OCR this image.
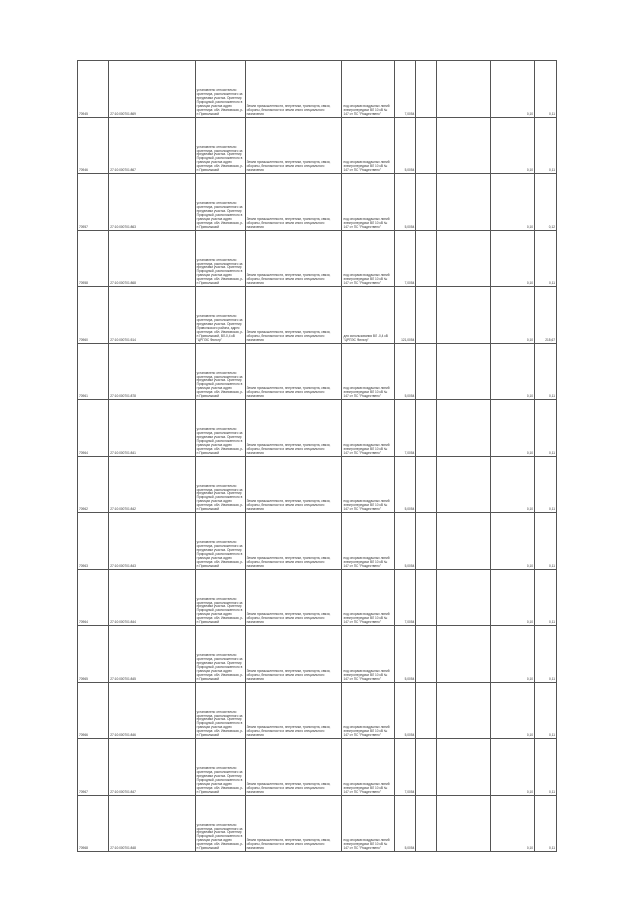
70945	27:10:000701:869	установлено относительно ориентира, расположенного за пределами участка. Ориентир Природный, расположенного в границах участка адрес ориентира: обл. Ивановская, р-н Приволжский	Земли промышленности, энергетики, транспорта, связи, обороны, безопасности и земли иного специального назначения	под опорами воздушных линий электропередачи ВЛ 10 кВ № 147 от ПС "Рождествено"	7,0054			0,10	0,11
70946	27:10:000701:867	установлено относительно ориентира, расположенного за пределами участка. Ориентир Природный, расположенного в границах участка адрес ориентира: обл. Ивановская, р-н Приволжский	Земли промышленности, энергетики, транспорта, связи, обороны, безопасности и земли иного специального назначения	под опорами воздушных линий электропередачи ВЛ 10 кВ № 147 от ПС "Рождествено"	5,0054			0,10	0,11
70957	27:10:000701:863	установлено относительно ориентира, расположенного за пределами участка. Ориентир Природный, расположенного в границах участка адрес ориентира: обл. Ивановская, р-н Приволжский	Земли промышленности, энергетики, транспорта, связи, обороны, безопасности и земли иного специального назначения	под опорами воздушных линий электропередачи ВЛ 10 кВ № 147 от ПС "Рождествено"	5,0054			0,10	0,12
70958	27:10:000701:868	установлено относительно ориентира, расположенного за пределами участка. Ориентир Природный, расположенного в границах участка адрес ориентира: обл. Ивановская, р-н Приволжский	Земли промышленности, энергетики, транспорта, связи, обороны, безопасности и земли иного специального назначения	под опорами воздушных линий электропередачи ВЛ 10 кВ № 147 от ПС "Рождествено"	7,0054			0,10	0,11
70960	27:10:000701:514	установлено относительно ориентира, расположенного за пределами участка. Ориентир Приволжского района, адрес ориентира: обл. Ивановская, р-н Приволжский, ВЛ-0,4 кВ "ЦРПЭС Фильтр"	Земли промышленности, энергетики, транспорта, связи, обороны, безопасности и земли иного специального назначения	для использования ВЛ -0,4 кВ "ЦРПЭС Фильтр"	121,0054			0,10	215,67
70961	27:10:000701:878	установлено относительно ориентира, расположенного за пределами участка. Ориентир Природный, расположенного в границах участка адрес ориентира: обл. Ивановская, р-н Приволжский	Земли промышленности, энергетики, транспорта, связи, обороны, безопасности и земли иного специального назначения	под опорами воздушных линий электропередачи ВЛ 10 кВ № 147 от ПС "Рождествено"	5,0054			0,10	0,11
70964	27:10:000701:841	установлено относительно ориентира, расположенного за пределами участка. Ориентир Природный, расположенного в границах участка адрес ориентира: обл. Ивановская, р-н Приволжский	Земли промышленности, энергетики, транспорта, связи, обороны, безопасности и земли иного специального назначения	под опорами воздушных линий электропередачи ВЛ 10 кВ № 147 от ПС "Рождествено"	7,0054			0,10	0,11
70962	27:10:000701:842	установлено относительно ориентира, расположенного за пределами участка. Ориентир Природный, расположенного в границах участка адрес ориентира: обл. Ивановская, р-н Приволжский	Земли промышленности, энергетики, транспорта, связи, обороны, безопасности и земли иного специального назначения	под опорами воздушных линий электропередачи ВЛ 10 кВ № 147 от ПС "Рождествено"	5,0054			0,10	0,11
70963	27:10:000701:843	установлено относительно ориентира, расположенного за пределами участка. Ориентир Природный, расположенного в границах участка адрес ориентира: обл. Ивановская, р-н Приволжский	Земли промышленности, энергетики, транспорта, связи, обороны, безопасности и земли иного специального назначения	под опорами воздушных линий электропередачи ВЛ 10 кВ № 147 от ПС "Рождествено"	5,0054			0,10	0,11
70964	27:10:000701:844	установлено относительно ориентира, расположенного за пределами участка. Ориентир Природный, расположенного в границах участка адрес ориентира: обл. Ивановская, р-н Приволжский	Земли промышленности, энергетики, транспорта, связи, обороны, безопасности и земли иного специального назначения	под опорами воздушных линий электропередачи ВЛ 10 кВ № 147 от ПС "Рождествено"	7,0054			0,10	0,11
70965	27:10:000701:845	установлено относительно ориентира, расположенного за пределами участка. Ориентир Природный, расположенного в границах участка адрес ориентира: обл. Ивановская, р-н Приволжский	Земли промышленности, энергетики, транспорта, связи, обороны, безопасности и земли иного специального назначения	под опорами воздушных линий электропередачи ВЛ 10 кВ № 147 от ПС "Рождествено"	5,0054			0,10	0,11
70966	27:10:000701:846	установлено относительно ориентира, расположенного за пределами участка. Ориентир Природный, расположенного в границах участка адрес ориентира: обл. Ивановская, р-н Приволжский	Земли промышленности, энергетики, транспорта, связи, обороны, безопасности и земли иного специального назначения	под опорами воздушных линий электропередачи ВЛ 10 кВ № 147 от ПС "Рождествено"	5,0054			0,10	0,11
70967	27:10:000701:847	установлено относительно ориентира, расположенного за пределами участка. Ориентир Природный, расположенного в границах участка адрес ориентира: обл. Ивановская, р-н Приволжский	Земли промышленности, энергетики, транспорта, связи, обороны, безопасности и земли иного специального назначения	под опорами воздушных линий электропередачи ВЛ 10 кВ № 147 от ПС "Рождествено"	7,0054			0,10	0,11
70968	27:10:000701:848	установлено относительно ориентира, расположенного за пределами участка. Ориентир Природный, расположенного в границах участка адрес ориентира: обл. Ивановская, р-н Приволжский	Земли промышленности, энергетики, транспорта, связи, обороны, безопасности и земли иного специального назначения	под опорами воздушных линий электропередачи ВЛ 10 кВ № 147 от ПС "Рождествено"	5,0054			0,10	0,11
